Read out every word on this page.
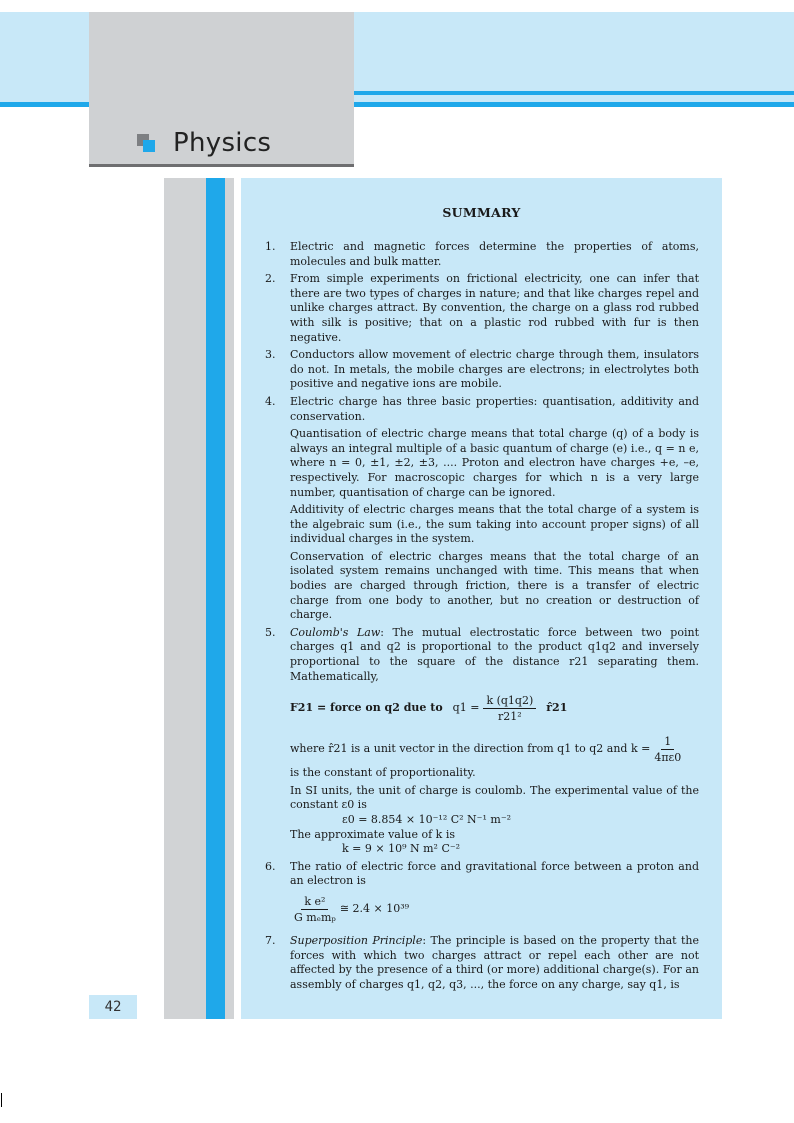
Physics
42
SUMMARY
1. Electric and magnetic forces determine the properties of atoms, molecules and bulk matter.
2. From simple experiments on frictional electricity, one can infer that there are two types of charges in nature; and that like charges repel and unlike charges attract. By convention, the charge on a glass rod rubbed with silk is positive; that on a plastic rod rubbed with fur is then negative.
3. Conductors allow movement of electric charge through them, insulators do not. In metals, the mobile charges are electrons; in electrolytes both positive and negative ions are mobile.
4. Electric charge has three basic properties: quantisation, additivity and conservation.
Quantisation of electric charge means that total charge (q) of a body is always an integral multiple of a basic quantum of charge (e) i.e., q = n e, where n = 0, ±1, ±2, ±3, .... Proton and electron have charges +e, –e, respectively. For macroscopic charges for which n is a very large number, quantisation of charge can be ignored.
Additivity of electric charges means that the total charge of a system is the algebraic sum (i.e., the sum taking into account proper signs) of all individual charges in the system.
Conservation of electric charges means that the total charge of an isolated system remains unchanged with time. This means that when bodies are charged through friction, there is a transfer of electric charge from one body to another, but no creation or destruction of charge.
5. Coulomb's Law: The mutual electrostatic force between two point charges q1 and q2 is proportional to the product q1q2 and inversely proportional to the square of the distance r21 separating them. Mathematically,
F21 = force on q2 due to $q1 = \frac{k (q1q2)}{\text{r21²}}$ r̂21
where r̂21 is a unit vector in the direction from q1 to q2 and $k = \frac{1}{4\pi\varepsilon 0}$
is the constant of proportionality.
In SI units, the unit of charge is coulomb. The experimental value of the constant ε0 is
ε0 = 8.854 × 10⁻¹² C² N⁻¹ m⁻²
The approximate value of k is
k = 9 × 10⁹ N m² C⁻²
6. The ratio of electric force and gravitational force between a proton and an electron is
$\frac{\text{k e²}}{\text{G mₑmₚ}}$ ≅ 2.4 × 10³⁹
7. Superposition Principle: The principle is based on the property that the forces with which two charges attract or repel each other are not affected by the presence of a third (or more) additional charge(s). For an assembly of charges q1, q2, q3, ..., the force on any charge, say q1, is
